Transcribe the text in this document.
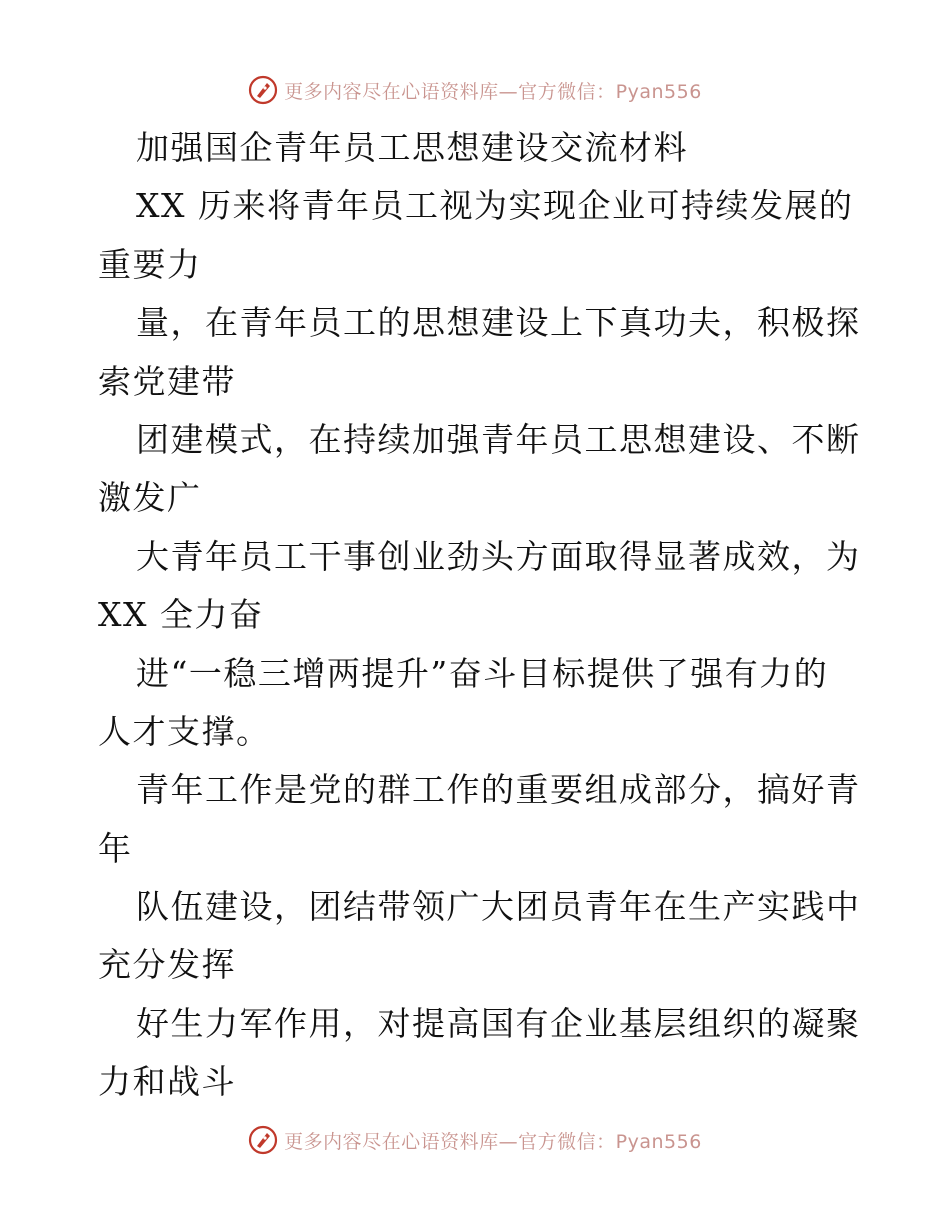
更多内容尽在心语资料库—官方微信：Pyan556
加强国企青年员工思想建设交流材料
XX 历来将青年员工视为实现企业可持续发展的
重要力
量，在青年员工的思想建设上下真功夫，积极探
索党建带
团建模式，在持续加强青年员工思想建设、不断
激发广
大青年员工干事创业劲头方面取得显著成效，为
XX 全力奋
进“一稳三增两提升”奋斗目标提供了强有力的
人才支撑。
青年工作是党的群工作的重要组成部分，搞好青
年
队伍建设，团结带领广大团员青年在生产实践中
充分发挥
好生力军作用，对提高国有企业基层组织的凝聚
力和战斗
更多内容尽在心语资料库—官方微信：Pyan556
